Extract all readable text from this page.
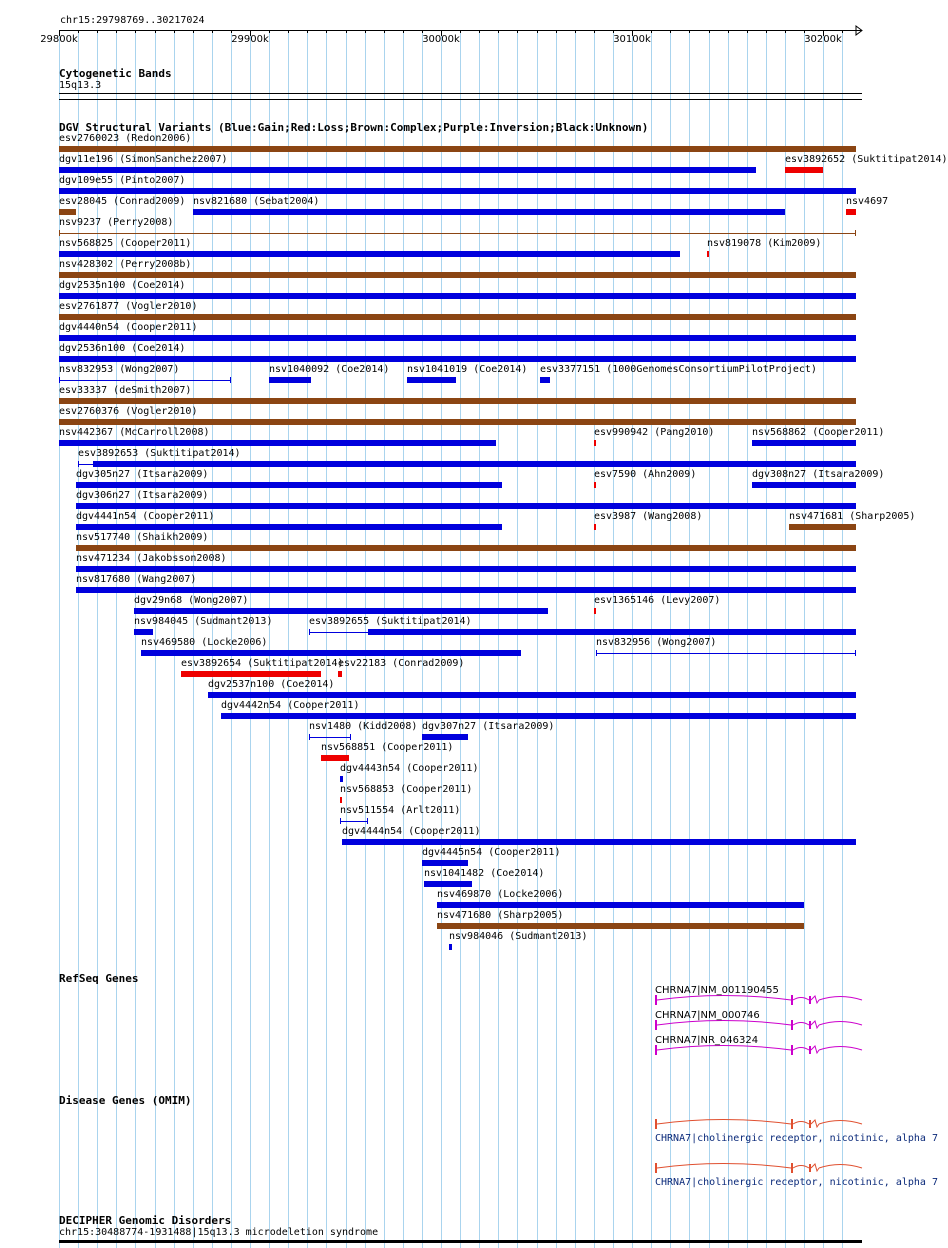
chr15:29798769..30217024
29800k	29900k	30000k	30100k	30200k
Cytogenetic Bands
15q13.3
DGV Structural Variants (Blue:Gain;Red:Loss;Brown:Complex;Purple:Inversion;Black:Unknown)
esv2760023 (Redon2006)
dgv11e196 (SimonSanchez2007)	esv3892652 (Suktitipat2014)
dgv109e55 (Pinto2007)
esv28045 (Conrad2009) nsv821680 (Sebat2004)	nsv4697
nsv9237 (Perry2008)
nsv568825 (Cooper2011)	nsv819078 (Kim2009)
nsv428302 (Perry2008b)
dgv2535n100 (Coe2014)
esv2761877 (Vogler2010)
dgv4440n54 (Cooper2011)
dgv2536n100 (Coe2014)
nsv832953 (Wong2007)	nsv1040092 (Coe2014) nsv1041019 (Coe2014) esv3377151 (1000GenomesConsortiumPilotProject)
esv33337 (deSmith2007)
esv2760376 (Vogler2010)
nsv442367 (McCarroll2008)	esv990942 (Pang2010)	nsv568862 (Cooper2011)
esv3892653 (Suktitipat2014)
dgv305n27 (Itsara2009)	esv7590 (Ahn2009)	dgv308n27 (Itsara2009)
dgv306n27 (Itsara2009)
dgv4441n54 (Cooper2011)	esv3987 (Wang2008)	nsv471681 (Sharp2005)
nsv517740 (Shaikh2009)
nsv471234 (Jakobsson2008)
nsv817680 (Wang2007)
dgv29n68 (Wong2007)	esv1365146 (Levy2007)
nsv984045 (Sudmant2013)	esv3892655 (Suktitipat2014)
nsv469580 (Locke2006)	nsv832956 (Wong2007)
esv3892654 (Suktitipat2014)
esv22183 (Conrad2009)
dgv2537n100 (Coe2014)
dgv4442n54 (Cooper2011)
nsv1480 (Kidd2008) dgv307n27 (Itsara2009)
nsv568851 (Cooper2011)
dgv4443n54 (Cooper2011)
nsv568853 (Cooper2011)
nsv511554 (Arlt2011)
dgv4444n54 (Cooper2011)
dgv4445n54 (Cooper2011)
nsv1041482 (Coe2014)
nsv469870 (Locke2006)
nsv471680 (Sharp2005)
nsv984046 (Sudmant2013)
RefSeq Genes
CHRNA7|NM_001190455
CHRNA7|NM_000746
CHRNA7|NR_046324
Disease Genes (OMIM)
CHRNA7|cholinergic receptor, nicotinic, alpha 7
CHRNA7|cholinergic receptor, nicotinic, alpha 7
DECIPHER Genomic Disorders
chr15:30488774-1931488|15q13.3 microdeletion syndrome
